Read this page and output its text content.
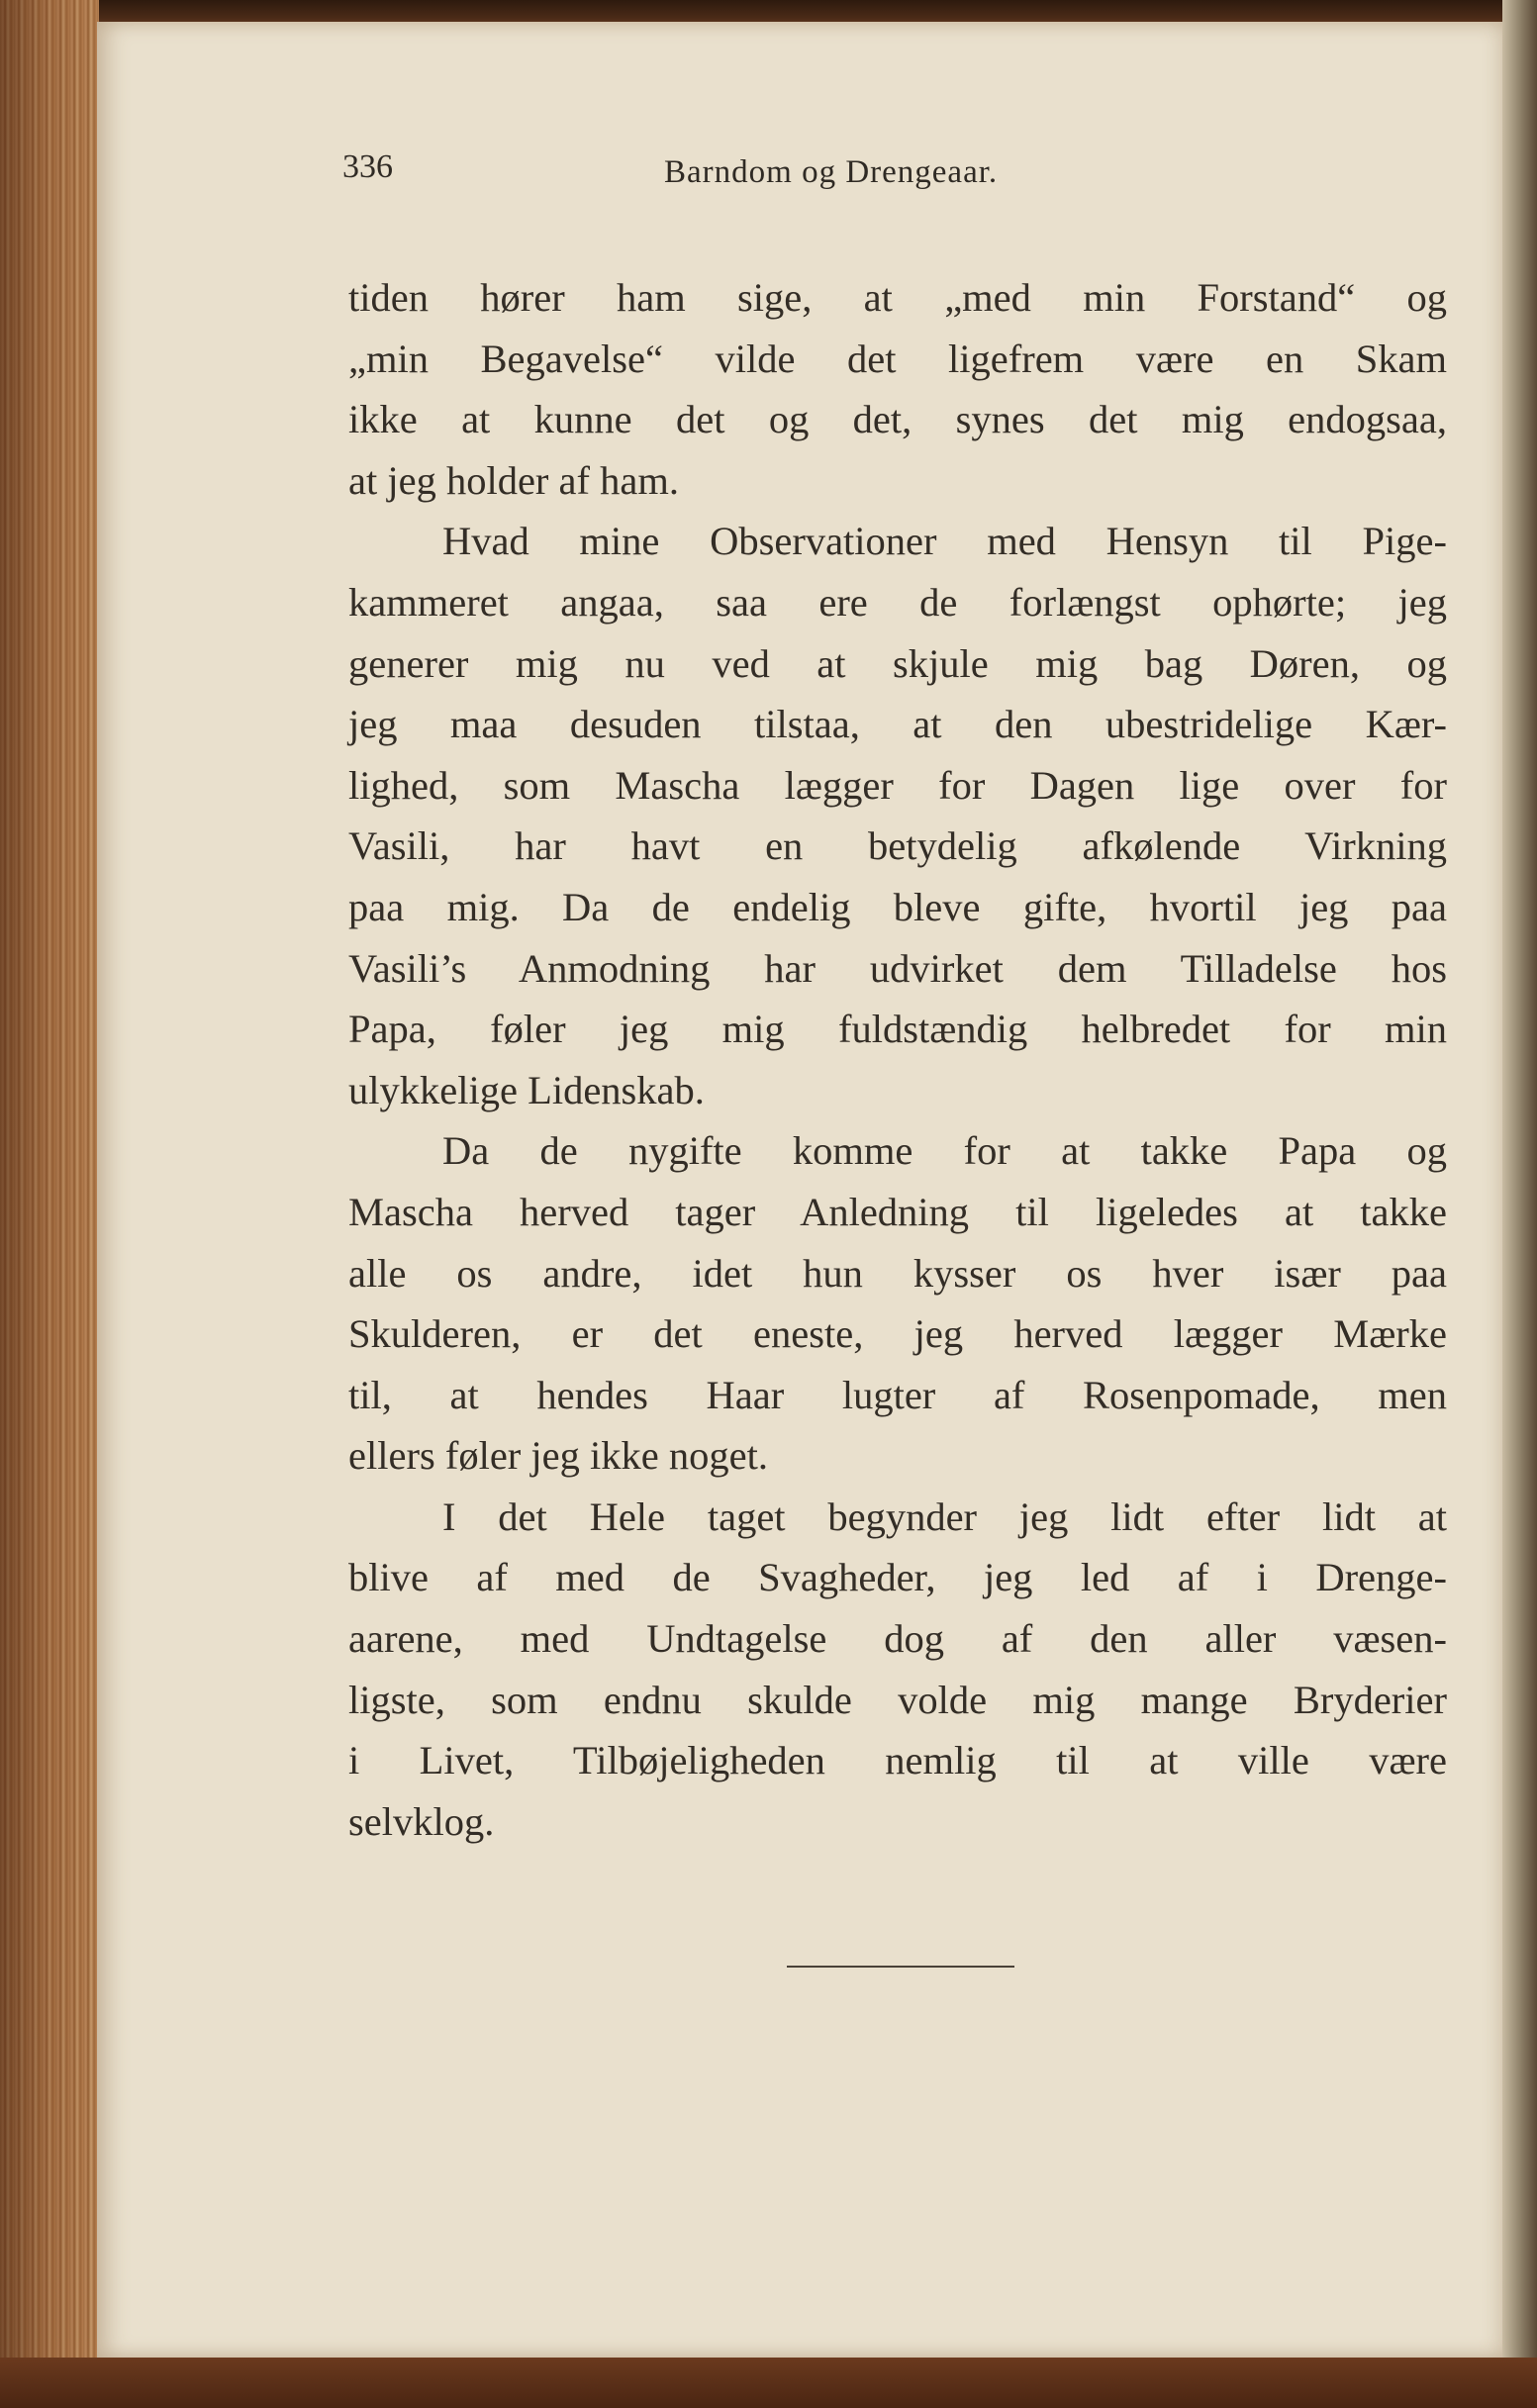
336	Barndom og Drengeaar.
tiden hører ham sige, at „med min Forstand“ og
„min Begavelse“ vilde det ligefrem være en Skam
ikke at kunne det og det, synes det mig endogsaa,
at jeg holder af ham.
Hvad mine Observationer med Hensyn til Pige-
kammeret angaa, saa ere de forlængst ophørte; jeg
generer mig nu ved at skjule mig bag Døren, og
jeg maa desuden tilstaa, at den ubestridelige Kær-
lighed, som Mascha lægger for Dagen lige over for
Vasili, har havt en betydelig afkølende Virkning
paa mig. Da de endelig bleve gifte, hvortil jeg paa
Vasili’s Anmodning har udvirket dem Tilladelse hos
Papa, føler jeg mig fuldstændig helbredet for min
ulykkelige Lidenskab.
Da de nygifte komme for at takke Papa og
Mascha herved tager Anledning til ligeledes at takke
alle os andre, idet hun kysser os hver især paa
Skulderen, er det eneste, jeg herved lægger Mærke
til, at hendes Haar lugter af Rosenpomade, men
ellers føler jeg ikke noget.
I det Hele taget begynder jeg lidt efter lidt at
blive af med de Svagheder, jeg led af i Drenge-
aarene, med Undtagelse dog af den aller væsen-
ligste, som endnu skulde volde mig mange Bryderier
i Livet, Tilbøjeligheden nemlig til at ville være
selvklog.
